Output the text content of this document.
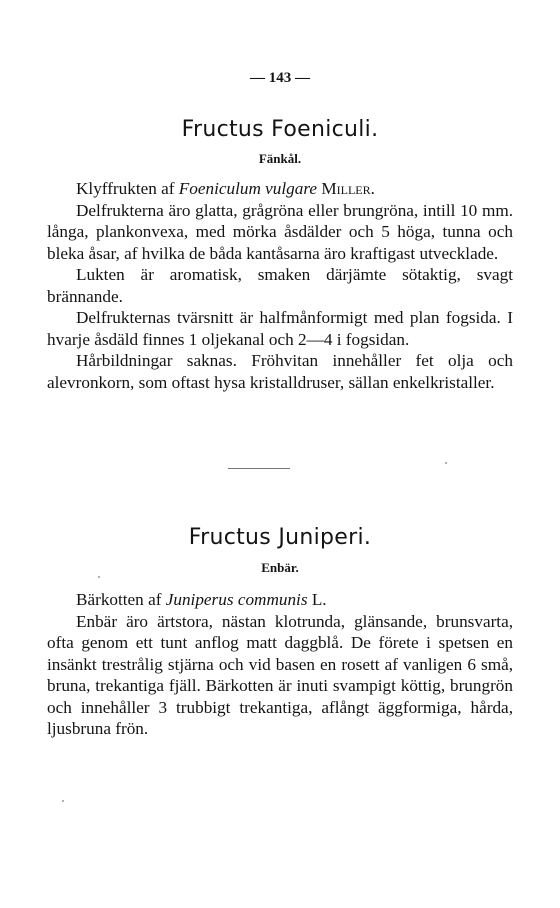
— 143 —
Fructus Foeniculi.
Fänkål.

Klyffrukten af Foeniculum vulgare Miller.

Delfrukterna äro glatta, grågröna eller brungröna, intill 10 mm. långa, plankonvexa, med mörka åsdälder och 5 höga, tunna och bleka åsar, af hvilka de båda kantåsarna äro kraftigast utvecklade.

Lukten är aromatisk, smaken därjämte sötaktig, svagt brännande.

Delfrukternas tvärsnitt är halfmånformigt med plan fogsida. I hvarje åsdäld finnes 1 oljekanal och 2—4 i fogsidan.

Hårbildningar saknas. Fröhvitan innehåller fet olja och alevronkorn, som oftast hysa kristalldruser, sällan enkelkristaller.

Fructus Juniperi.
Enbär.

Bärkotten af Juniperus communis L.

Enbär äro ärtstora, nästan klotrunda, glänsande, brunsvarta, ofta genom ett tunt anflog matt daggblå. De förete i spetsen en insänkt trestrålig stjärna och vid basen en rosett af vanligen 6 små, bruna, trekantiga fjäll. Bärkotten är inuti svampigt köttig, brungrön och innehåller 3 trubbigt trekantiga, aflångt äggformiga, hårda, ljusbruna frön.
